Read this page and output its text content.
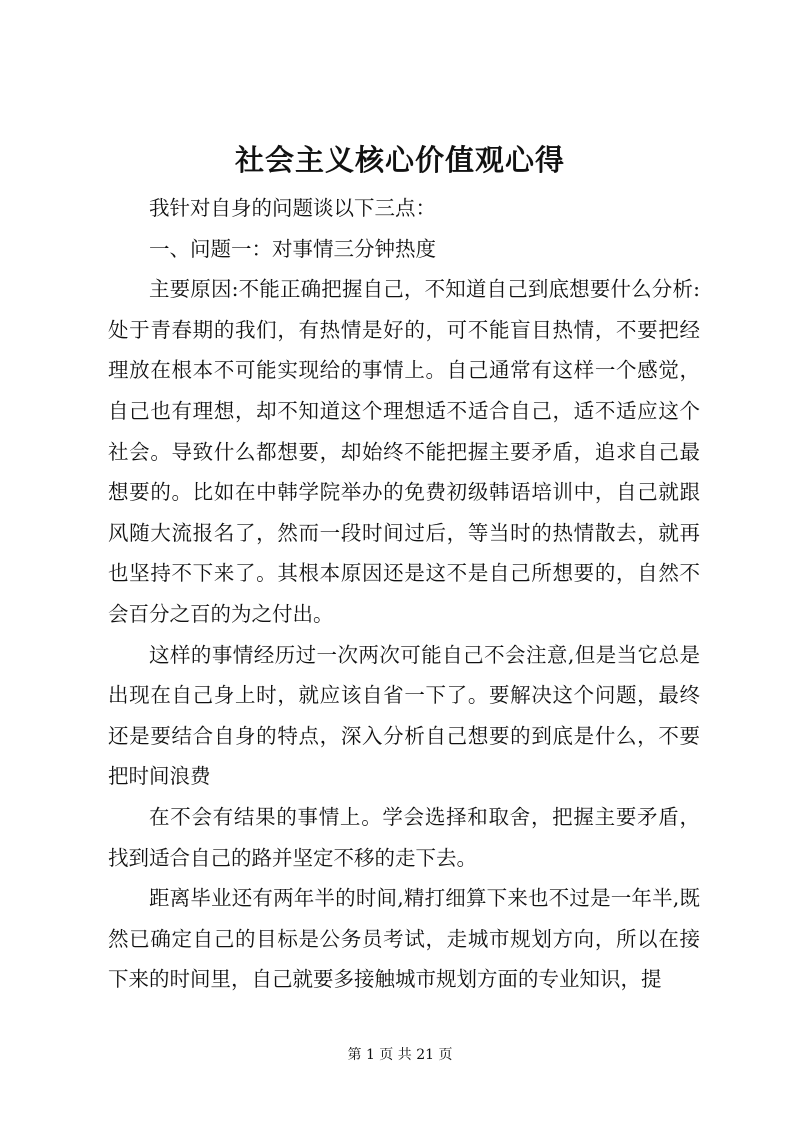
社会主义核心价值观心得

我针对自身的问题谈以下三点：

一、问题一：对事情三分钟热度

主要原因:不能正确把握自己，不知道自己到底想要什么分析:处于青春期的我们，有热情是好的，可不能盲目热情，不要把经理放在根本不可能实现给的事情上。自己通常有这样一个感觉，自己也有理想，却不知道这个理想适不适合自己，适不适应这个社会。导致什么都想要，却始终不能把握主要矛盾，追求自己最想要的。比如在中韩学院举办的免费初级韩语培训中，自己就跟风随大流报名了，然而一段时间过后，等当时的热情散去，就再也坚持不下来了。其根本原因还是这不是自己所想要的，自然不会百分之百的为之付出。

这样的事情经历过一次两次可能自己不会注意,但是当它总是出现在自己身上时，就应该自省一下了。要解决这个问题，最终还是要结合自身的特点，深入分析自己想要的到底是什么，不要把时间浪费

在不会有结果的事情上。学会选择和取舍，把握主要矛盾，找到适合自己的路并坚定不移的走下去。

距离毕业还有两年半的时间,精打细算下来也不过是一年半,既然已确定自己的目标是公务员考试，走城市规划方向，所以在接下来的时间里，自己就要多接触城市规划方面的专业知识，提

第 1 页 共 21 页
